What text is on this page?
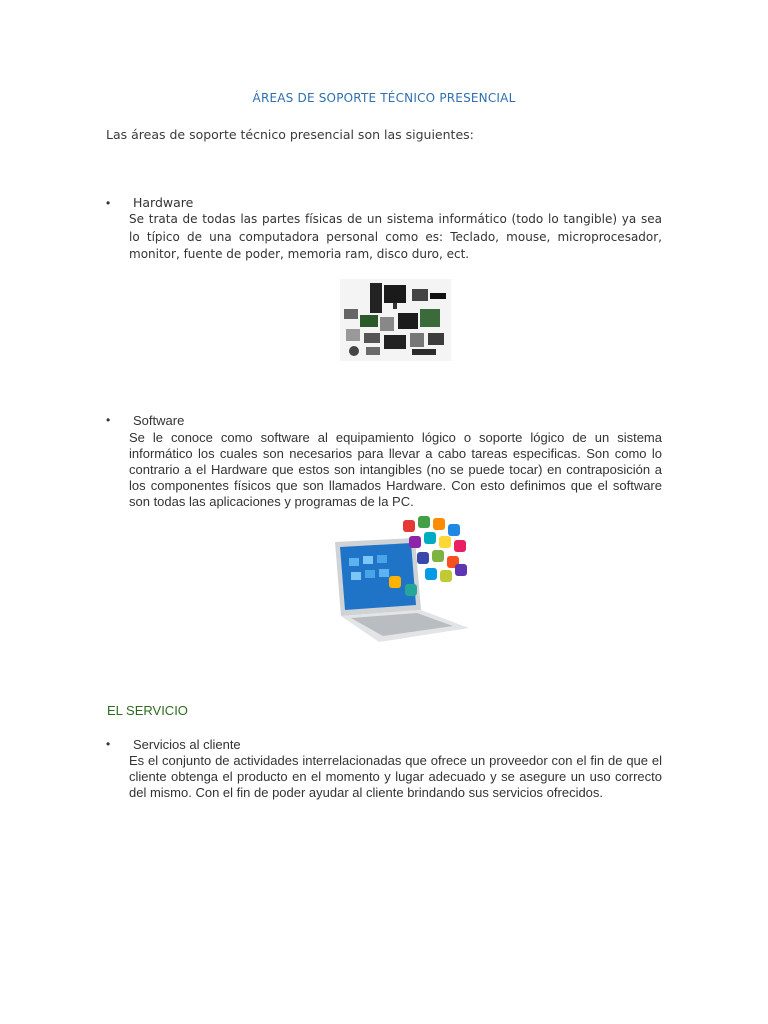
ÁREAS DE SOPORTE TÉCNICO PRESENCIAL
Las áreas de soporte técnico presencial son las siguientes:
• Hardware
Se trata de todas las partes físicas de un sistema informático (todo lo tangible) ya sea lo típico de una computadora personal como es: Teclado, mouse, microprocesador, monitor, fuente de poder, memoria ram, disco duro, ect.
• Software
Se le conoce como software al equipamiento lógico o soporte lógico de un sistema informático los cuales son necesarios para llevar a cabo tareas especificas. Son como lo contrario a el Hardware que estos son intangibles (no se puede tocar) en contraposición a los componentes físicos que son llamados Hardware. Con esto definimos que el software son todas las aplicaciones y programas de la PC.
EL SERVICIO
• Servicios al cliente
Es el conjunto de actividades interrelacionadas que ofrece un proveedor con el fin de que el cliente obtenga el producto en el momento y lugar adecuado y se asegure un uso correcto del mismo. Con el fin de poder ayudar al cliente brindando sus servicios ofrecidos.
